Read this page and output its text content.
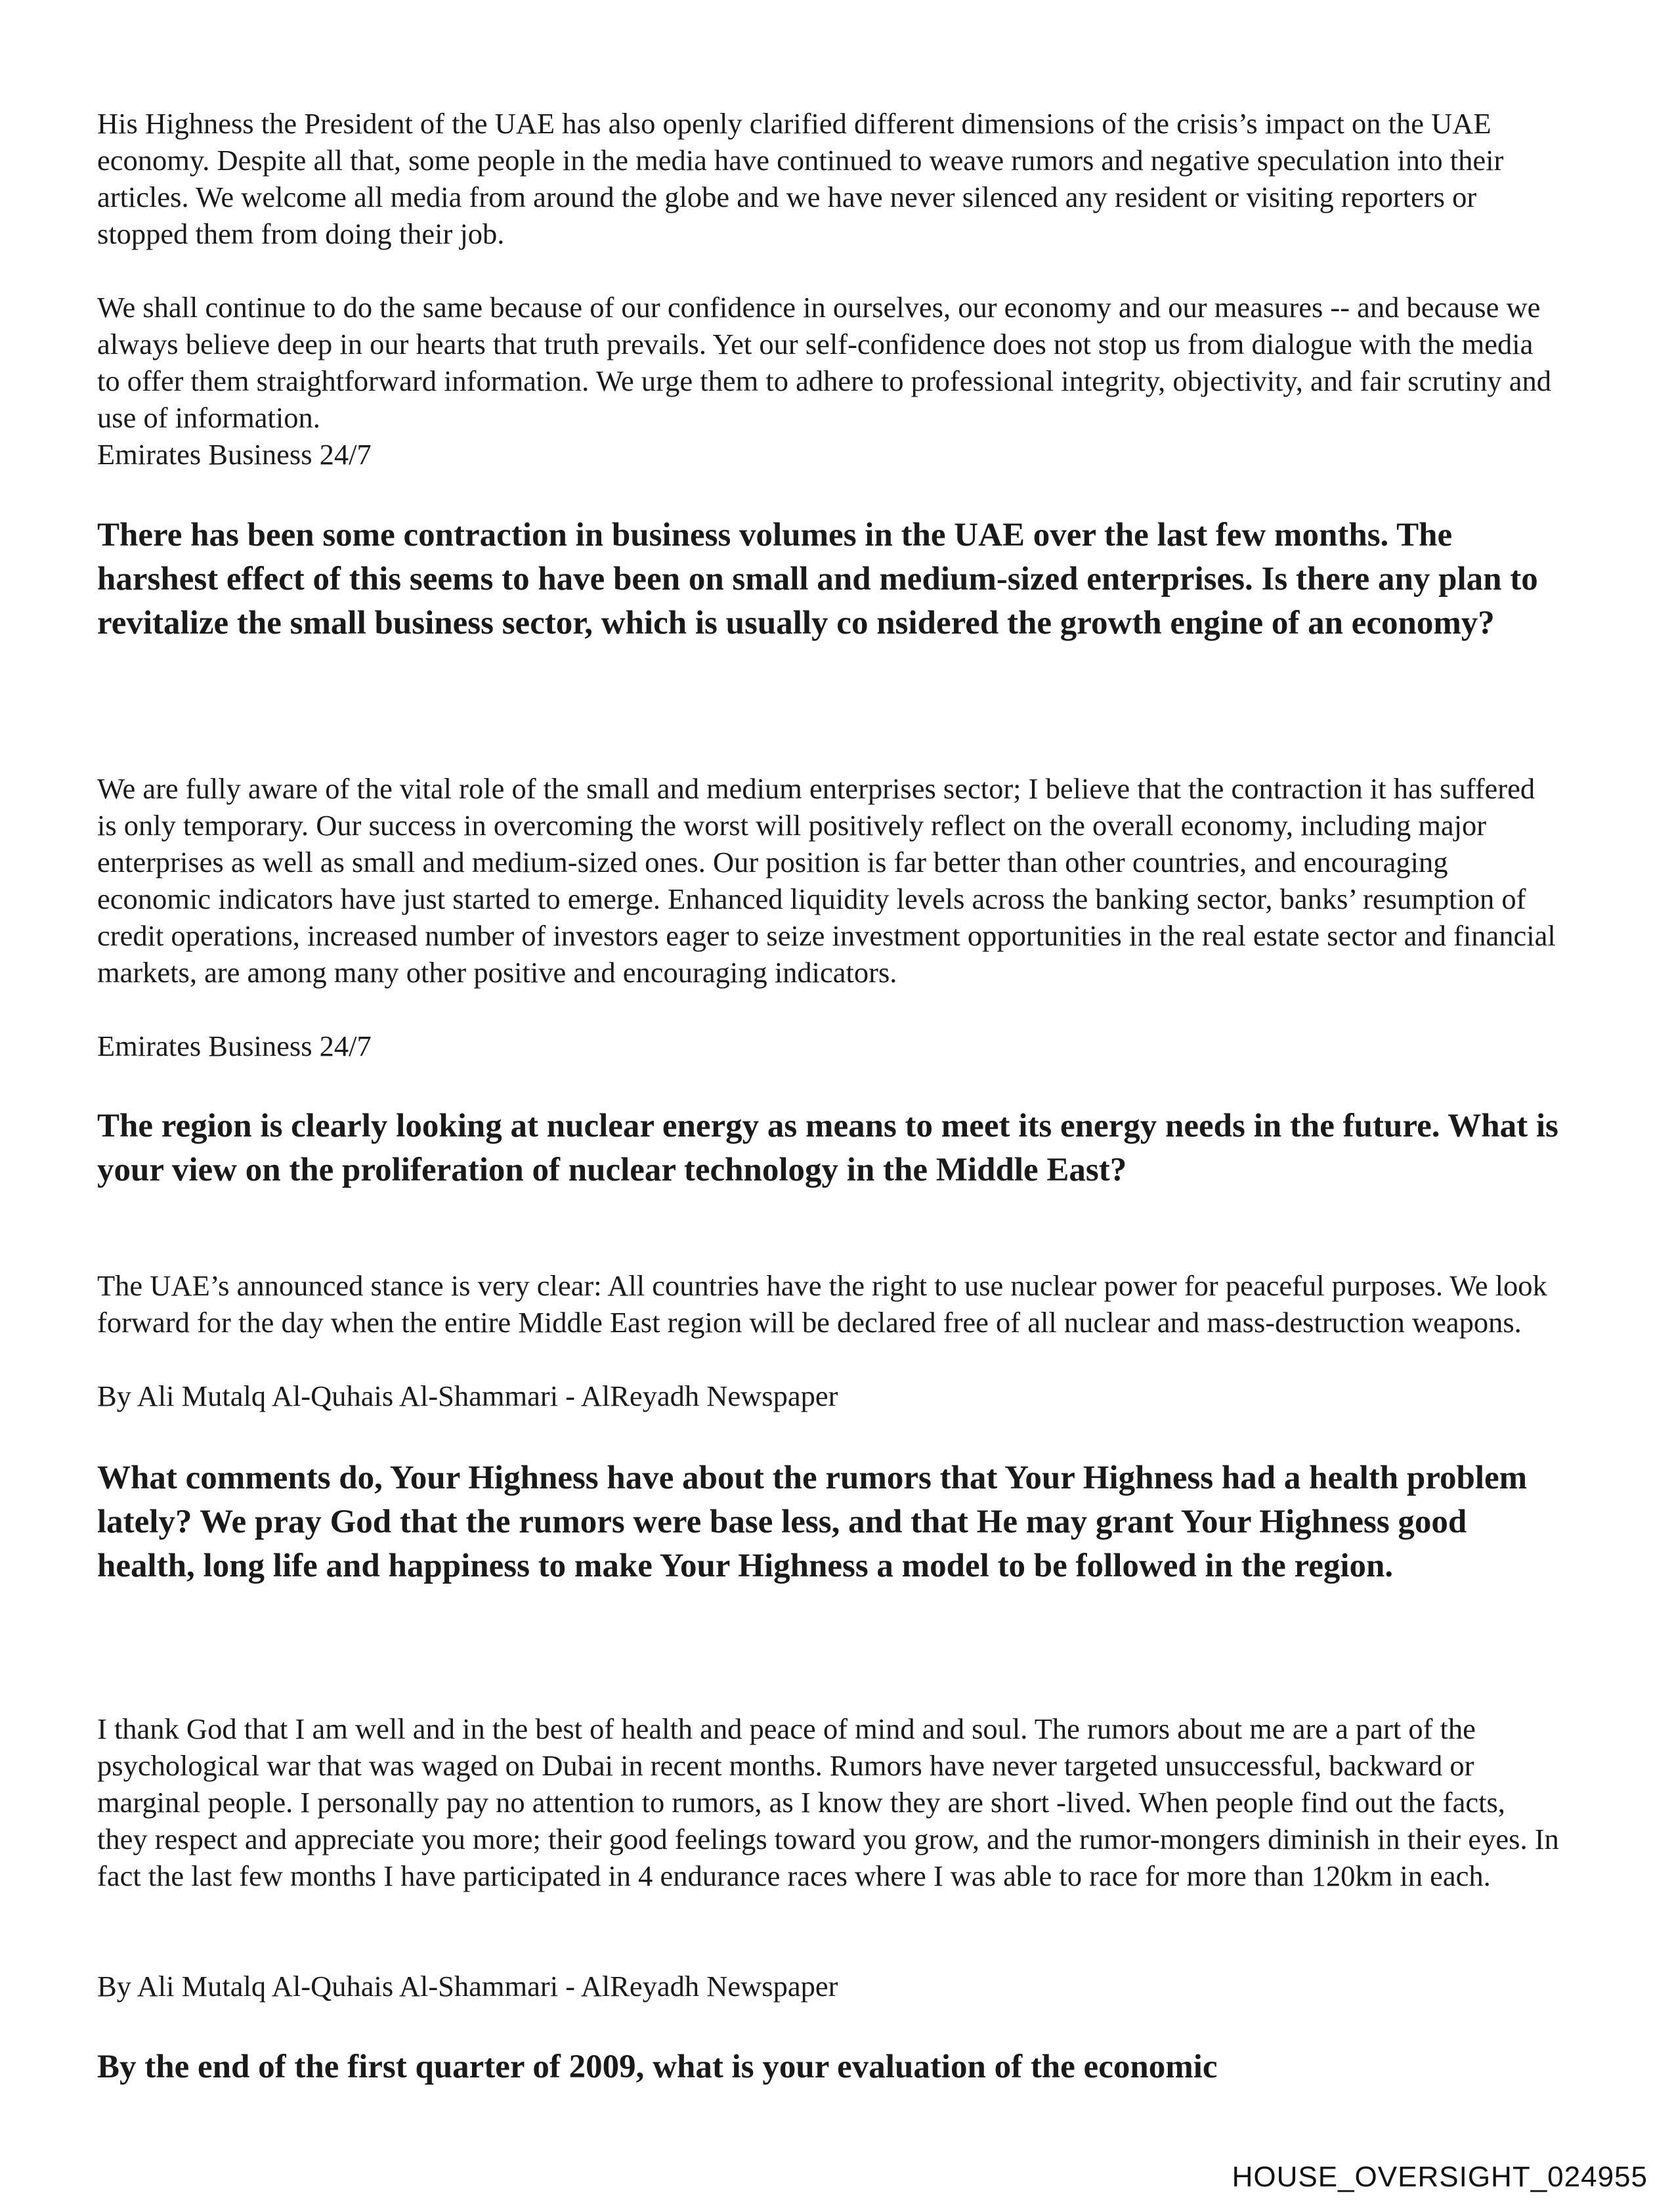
His Highness the President of the UAE has also openly clarified different dimensions of the crisis’s impact on the UAE economy. Despite all that, some people in the media have continued to weave rumors and negative speculation into their articles. We welcome all media from around the globe and we have never silenced any resident or visiting reporters or stopped them from doing their job.

We shall continue to do the same because of our confidence in ourselves, our economy and our measures -- and because we always believe deep in our hearts that truth prevails. Yet our self-confidence does not stop us from dialogue with the media to offer them straightforward information. We urge them to adhere to professional integrity, objectivity, and fair scrutiny and use of information.

Emirates Business 24/7

There has been some contraction in business volumes in the UAE over the last few months. The harshest effect of this seems to have been on small and medium-sized enterprises. Is there any plan to revitalize the small business sector, which is usually co nsidered the growth engine of an economy?

We are fully aware of the vital role of the small and medium enterprises sector; I believe that the contraction it has suffered is only temporary. Our success in overcoming the worst will positively reflect on the overall economy, including major enterprises as well as small and medium-sized ones. Our position is far better than other countries, and encouraging economic indicators have just started to emerge. Enhanced liquidity levels across the banking sector, banks’ resumption of credit operations, increased number of investors eager to seize investment opportunities in the real estate sector and financial markets, are among many other positive and encouraging indicators.

Emirates Business 24/7

The region is clearly looking at nuclear energy as means to meet its energy needs in the future. What is your view on the proliferation of nuclear technology in the Middle East?

The UAE’s announced stance is very clear: All countries have the right to use nuclear power for peaceful purposes. We look forward for the day when the entire Middle East region will be declared free of all nuclear and mass-destruction weapons.

By Ali Mutalq Al-Quhais Al-Shammari - AlReyadh Newspaper

What comments do, Your Highness have about the rumors that Your Highness had a health problem lately? We pray God that the rumors were base less, and that He may grant Your Highness good health, long life and happiness to make Your Highness a model to be followed in the region.

I thank God that I am well and in the best of health and peace of mind and soul. The rumors about me are a part of the psychological war that was waged on Dubai in recent months. Rumors have never targeted unsuccessful, backward or marginal people. I personally pay no attention to rumors, as I know they are short -lived. When people find out the facts, they respect and appreciate you more; their good feelings toward you grow, and the rumor-mongers diminish in their eyes. In fact the last few months I have participated in 4 endurance races where I was able to race for more than 120km in each.

By Ali Mutalq Al-Quhais Al-Shammari - AlReyadh Newspaper

By the end of the first quarter of 2009, what is your evaluation of the economic

HOUSE_OVERSIGHT_024955
